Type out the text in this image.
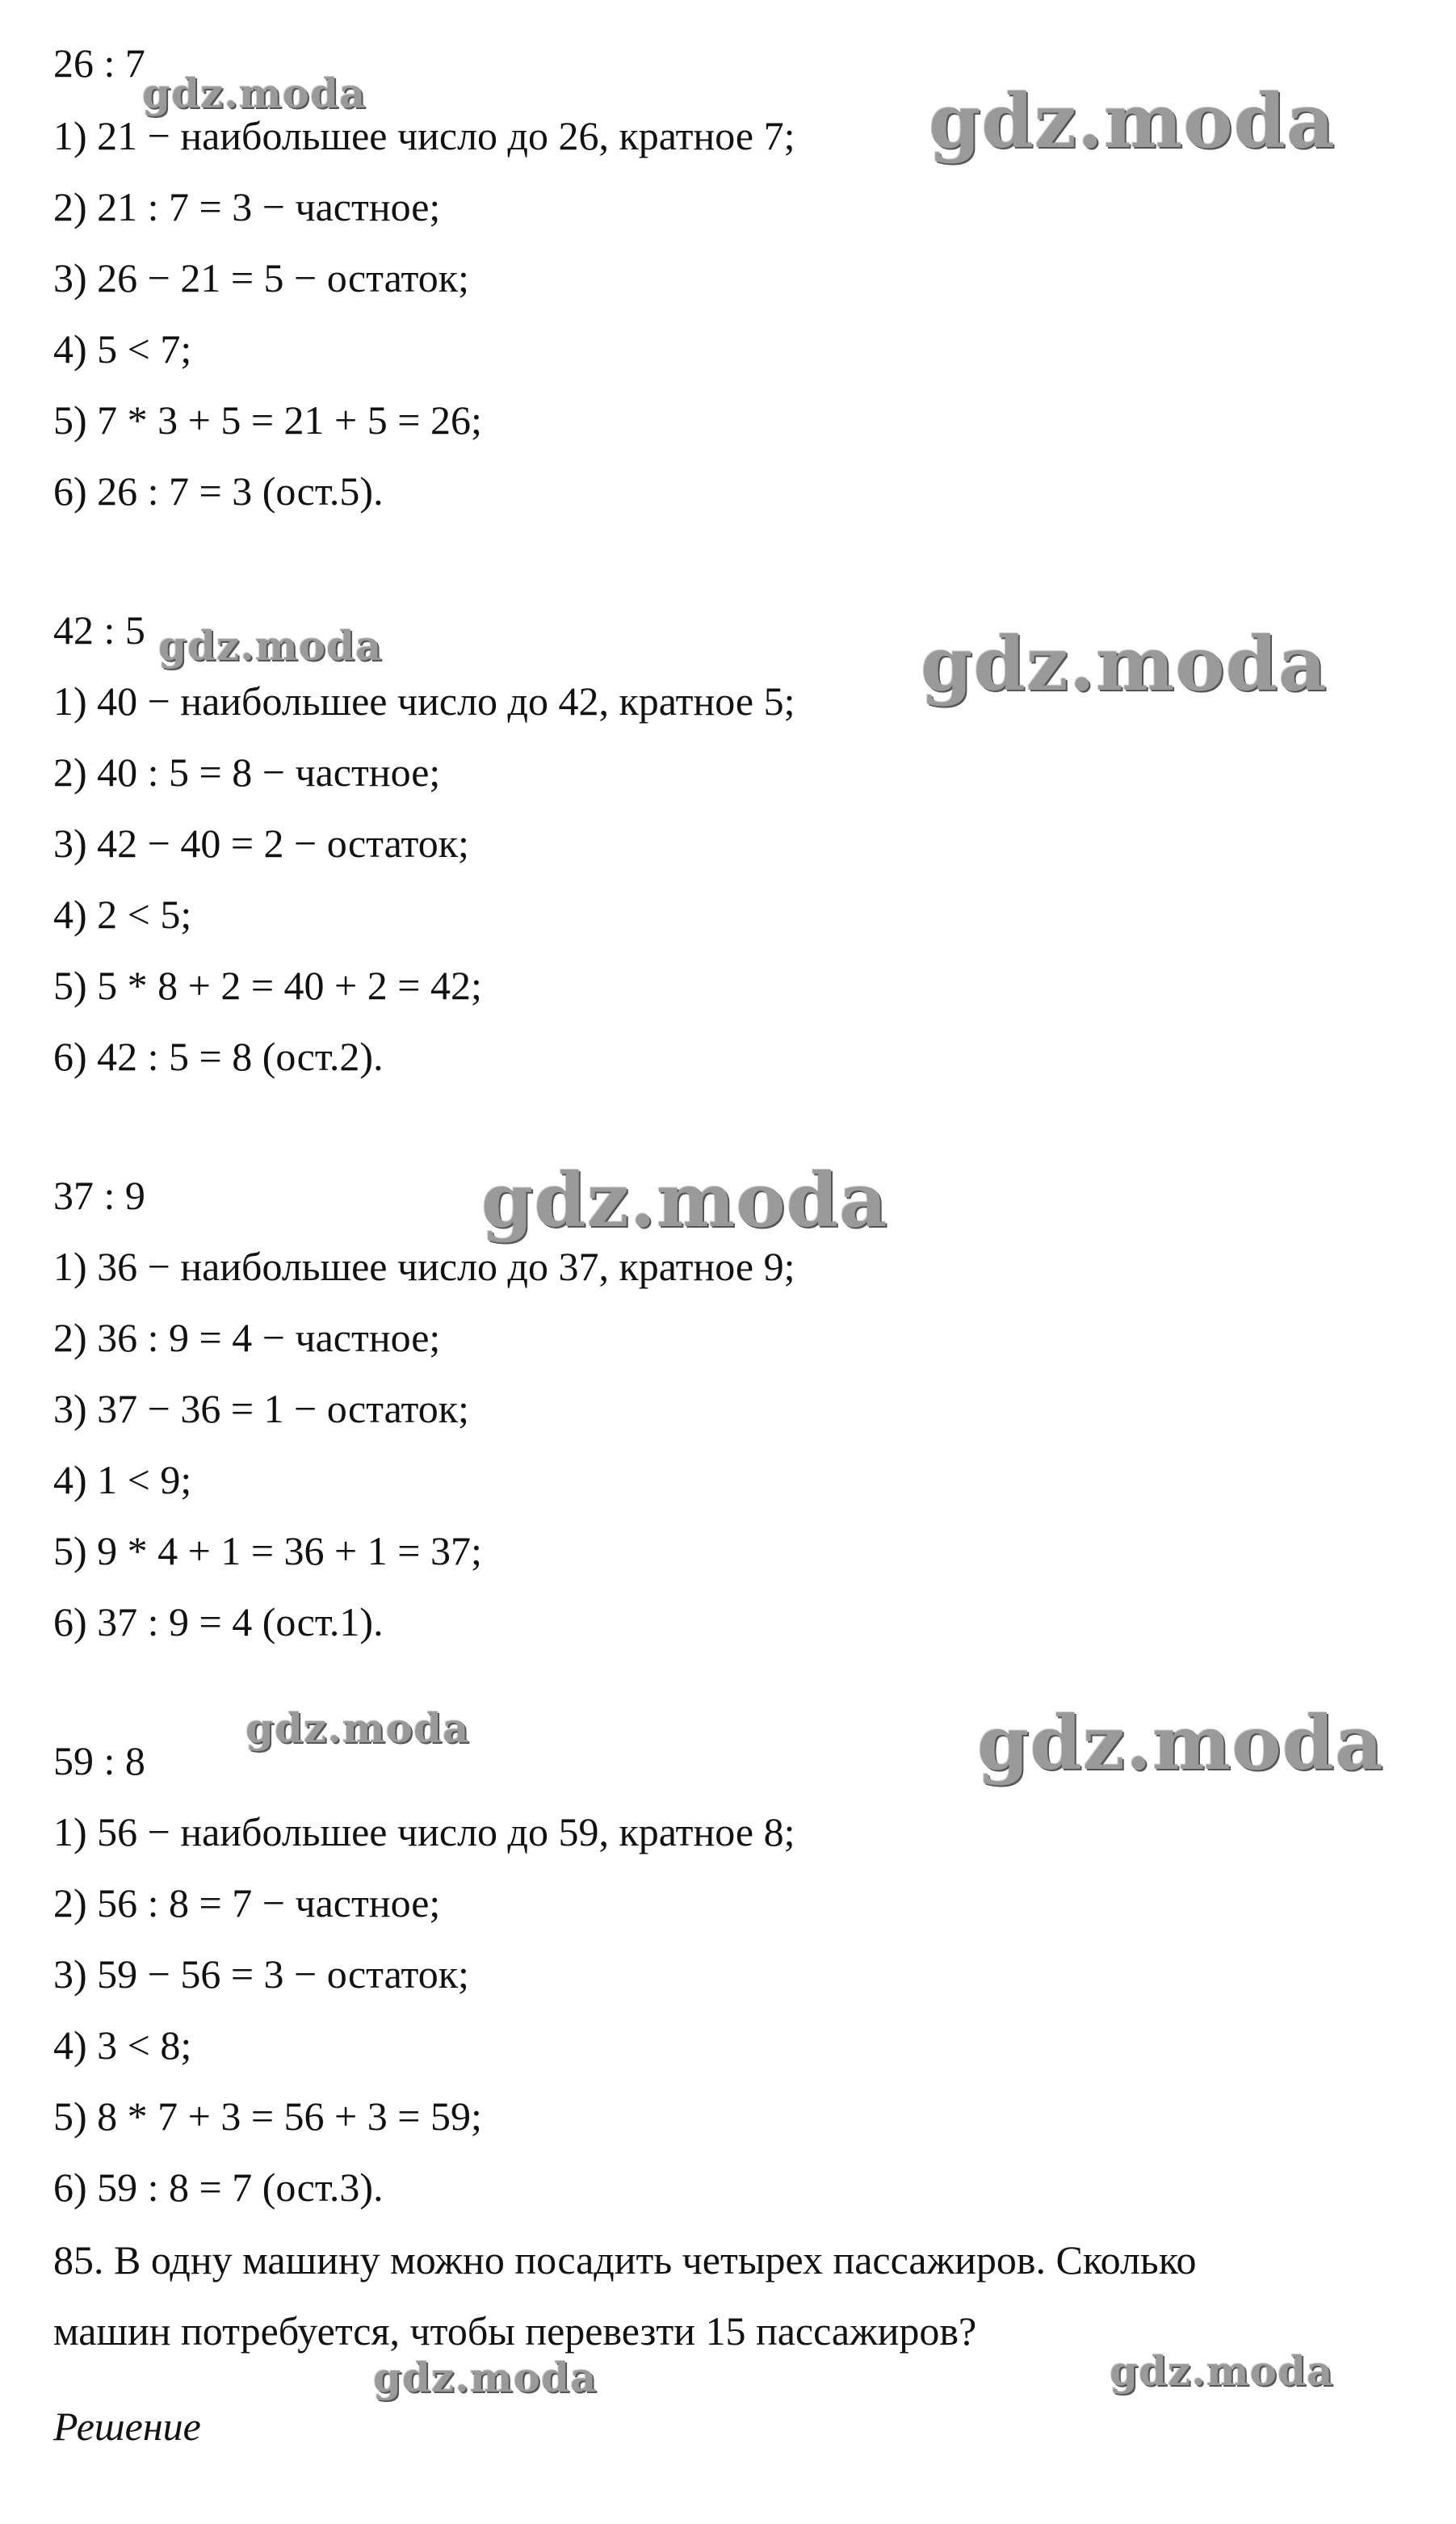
26 : 7
1) 21 − наибольшее число до 26, кратное 7;
2) 21 : 7 = 3 − частное;
3) 26 − 21 = 5 − остаток;
4) 5 < 7;
5) 7 * 3 + 5 = 21 + 5 = 26;
6) 26 : 7 = 3 (ост.5).
42 : 5
1) 40 − наибольшее число до 42, кратное 5;
2) 40 : 5 = 8 − частное;
3) 42 − 40 = 2 − остаток;
4) 2 < 5;
5) 5 * 8 + 2 = 40 + 2 = 42;
6) 42 : 5 = 8 (ост.2).
37 : 9
1) 36 − наибольшее число до 37, кратное 9;
2) 36 : 9 = 4 − частное;
3) 37 − 36 = 1 − остаток;
4) 1 < 9;
5) 9 * 4 + 1 = 36 + 1 = 37;
6) 37 : 9 = 4 (ост.1).
59 : 8
1) 56 − наибольшее число до 59, кратное 8;
2) 56 : 8 = 7 − частное;
3) 59 − 56 = 3 − остаток;
4) 3 < 8;
5) 8 * 7 + 3 = 56 + 3 = 59;
6) 59 : 8 = 7 (ост.3).
85. В одну машину можно посадить четырех пассажиров. Сколько
машин потребуется, чтобы перевезти 15 пассажиров?
Решение
gdz.moda	gdz.moda
gdz.moda	gdz.moda
gdz.moda
gdz.moda	gdz.moda
gdz.moda	gdz.moda
